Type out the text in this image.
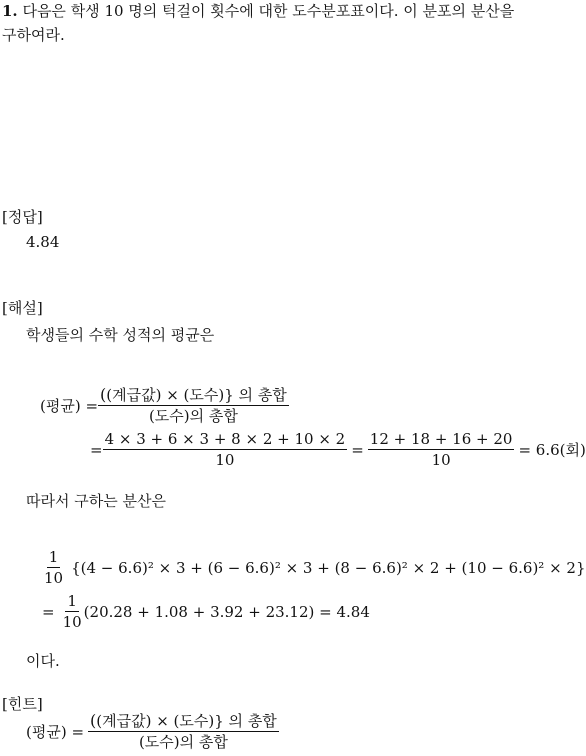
1. 다음은 학생 10 명의 턱걸이 횟수에 대한 도수분포표이다. 이 분포의 분산을
구하여라.
[정답]
4.84
[해설]
학생들의 수학 성적의 평균은
(평균) = $\frac{\text{((계급값) × (도수)\} 의 총합}}{\text{(도수)의 총합}}$
= $\frac{4 \times 3 + 6 \times 3 + 8 \times 2 + 10 \times 2}{10} = \frac{12 + 18 + 16 + 20}{10} = 6.6$(회)
따라서 구하는 분산은
$\frac{1}{10} \{(4 - 6.6)^2 \times 3 + (6 - 6.6)^2 \times 3 + (8 - 6.6)^2 \times 2 + (10 - 6.6)^2 \times 2\}$
= $\frac{1}{10} (20.28 + 1.08 + 3.92 + 23.12) = 4.84$
이다.
[힌트]
(평균) = $\frac{\text{((계급값) × (도수)\} 의 총합}}{\text{(도수)의 총합}}$
